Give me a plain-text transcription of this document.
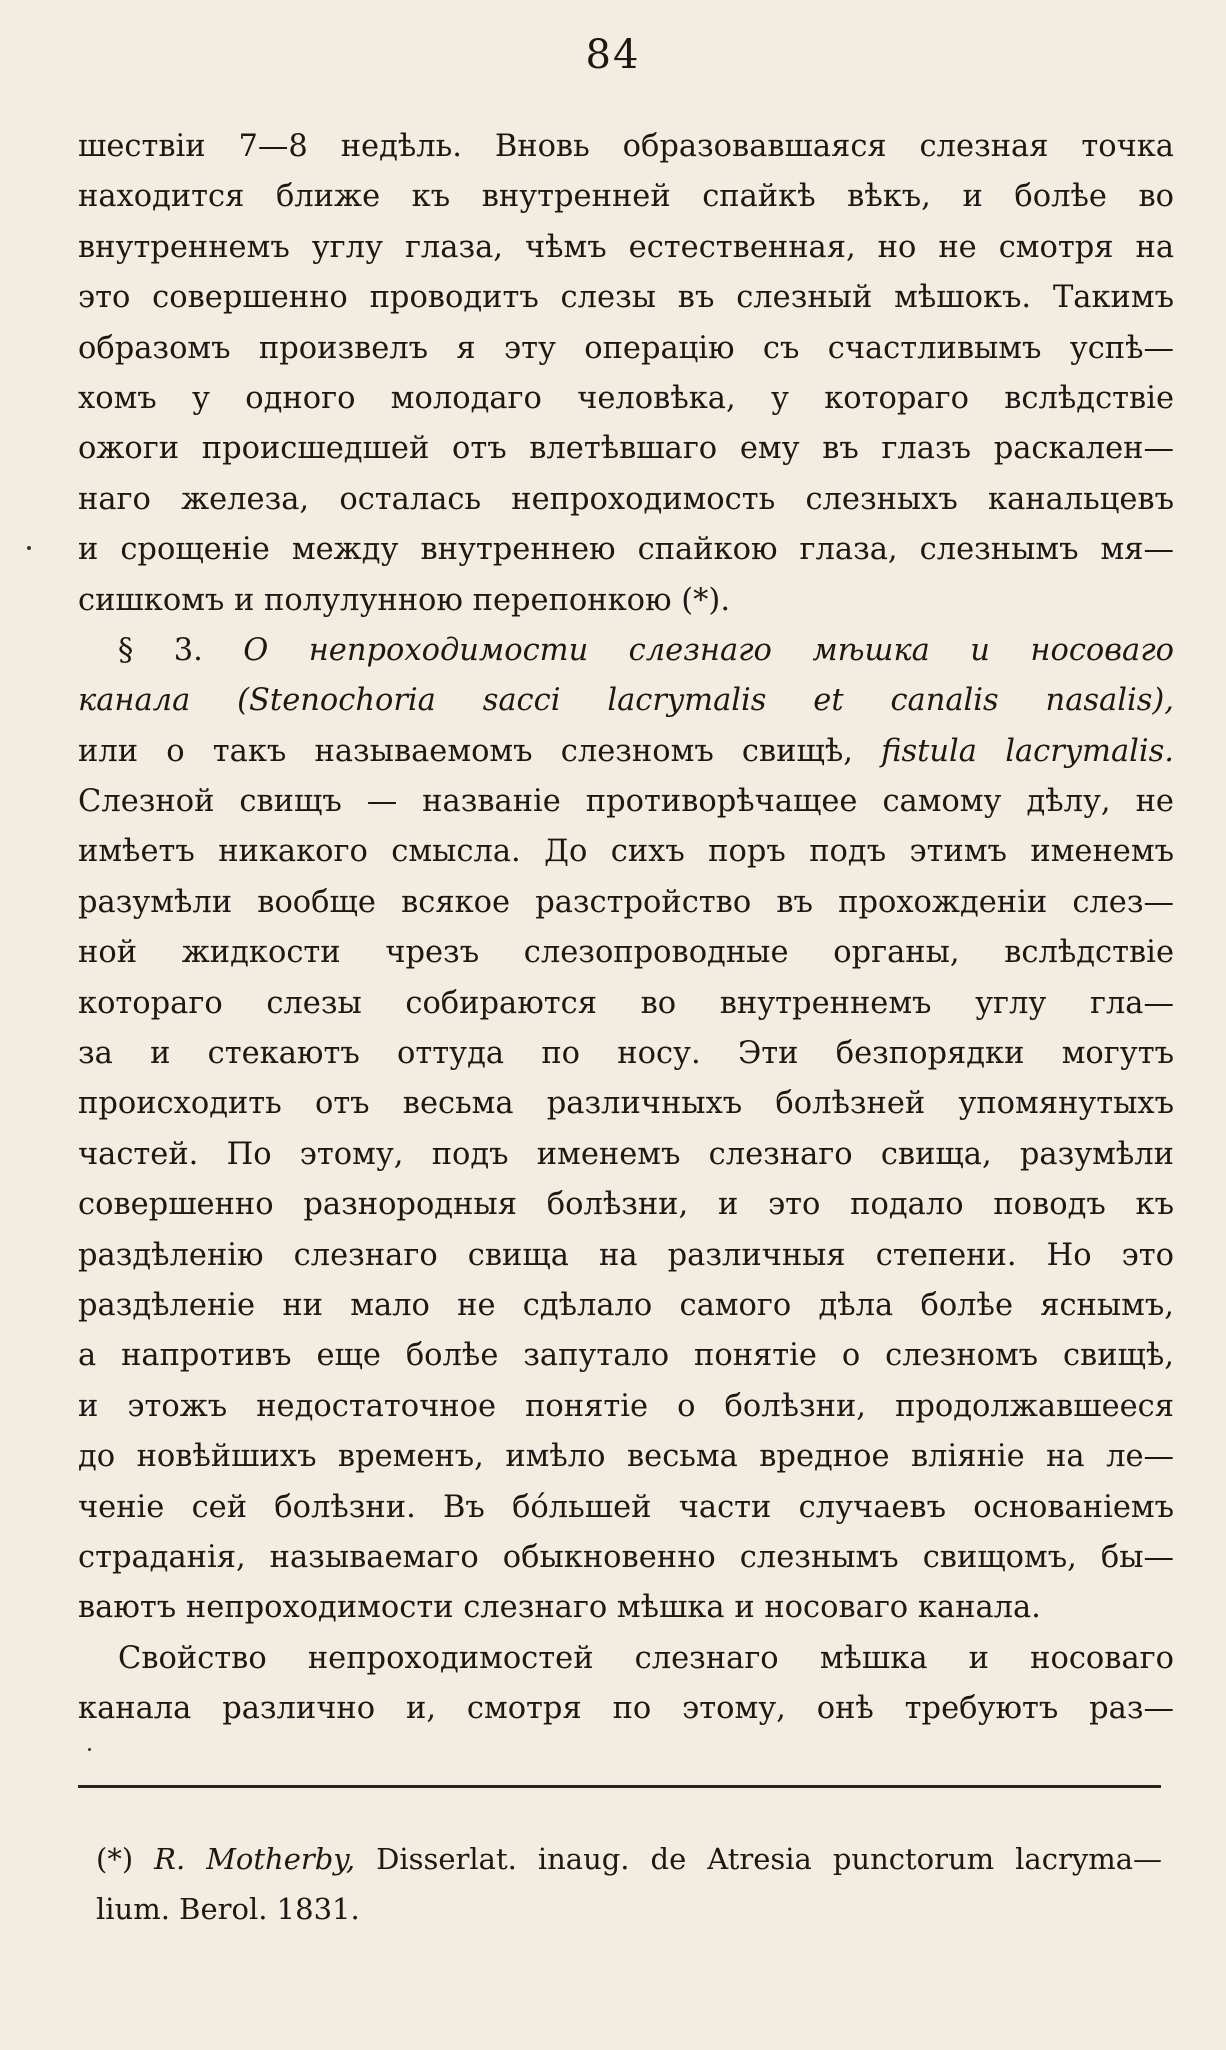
84
шествіи 7—8 недѣль. Вновь образовавшаяся слезная точка
находится ближе къ внутренней спайкѣ вѣкъ, и болѣе во
внутреннемъ углу глаза, чѣмъ естественная, но не смотря на
это совершенно проводитъ слезы въ слезный мѣшокъ. Такимъ
образомъ произвелъ я эту операцію съ счастливымъ успѣ—
хомъ у одного молодаго человѣка, у котораго вслѣдствіе
ожоги происшедшей отъ влетѣвшаго ему въ глазъ раскален—
наго железа, осталась непроходимость слезныхъ канальцевъ
и срощеніе между внутреннею спайкою глаза, слезнымъ мя—
сишкомъ и полулунною перепонкою (*).
§ 3. О непроходимости слезнаго мѣшка и носоваго
канала (Stenochoria sacci lacrymalis et canalis nasalis),
или о такъ называемомъ слезномъ свищѣ, fistula lacrymalis.
Слезной свищъ — названіе противорѣчащее самому дѣлу, не
имѣетъ никакого смысла. До сихъ поръ подъ этимъ именемъ
разумѣли вообще всякое разстройство въ прохожденіи слез—
ной жидкости чрезъ слезопроводные органы, вслѣдствіе
котораго слезы собираются во внутреннемъ углу гла—
за и стекаютъ оттуда по носу. Эти безпорядки могутъ
происходить отъ весьма различныхъ болѣзней упомянутыхъ
частей. По этому, подъ именемъ слезнаго свища, разумѣли
совершенно разнородныя болѣзни, и это подало поводъ къ
раздѣленію слезнаго свища на различныя степени. Но это
раздѣленіе ни мало не сдѣлало самого дѣла болѣе яснымъ,
а напротивъ еще болѣе запутало понятіе о слезномъ свищѣ,
и этожъ недостаточное понятіе о болѣзни, продолжавшееся
до новѣйшихъ временъ, имѣло весьма вредное вліяніе на ле—
ченіе сей болѣзни. Въ бо́льшей части случаевъ основаніемъ
страданія, называемаго обыкновенно слезнымъ свищомъ, бы—
ваютъ непроходимости слезнаго мѣшка и носоваго канала.
Свойство непроходимостей слезнаго мѣшка и носоваго
канала различно и, смотря по этому, онѣ требуютъ раз—
(*) R. Motherby, Disserlat. inaug. de Atresia punctorum lacryma—
lium. Berol. 1831.
